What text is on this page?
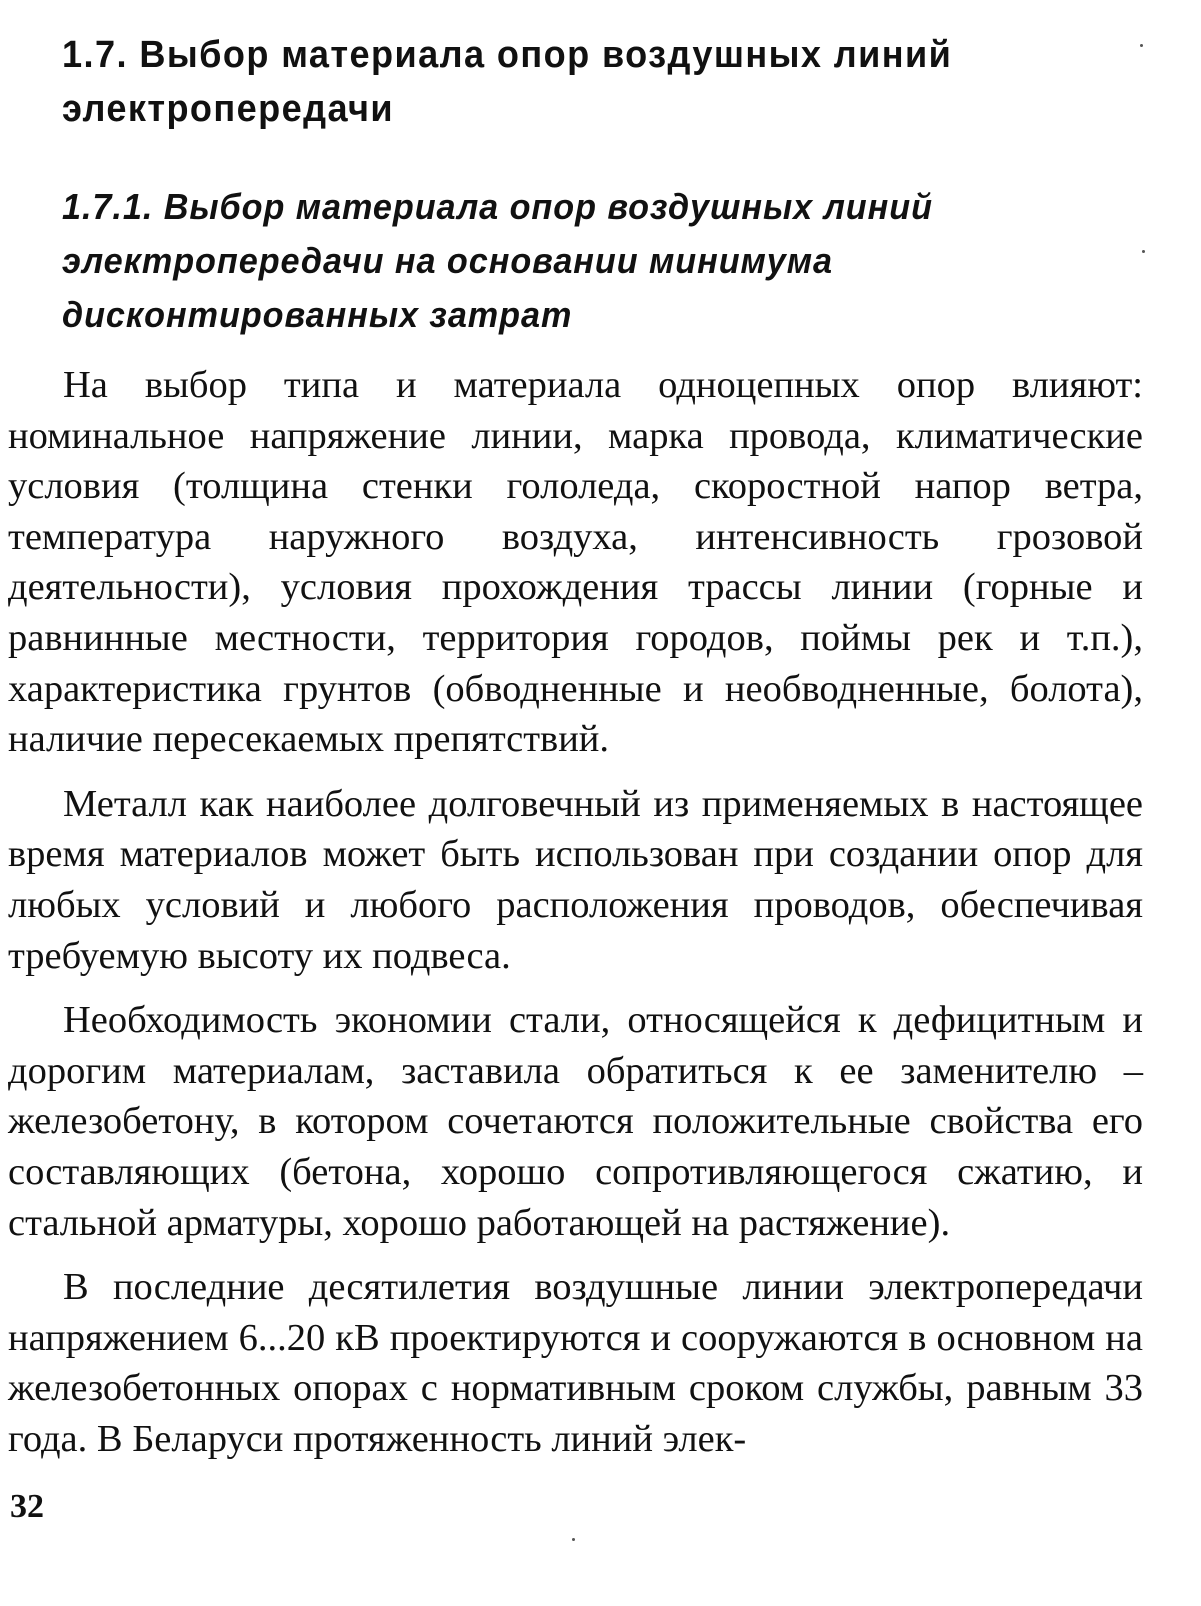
1.7. Выбор материала опор воздушных линий электропередачи
1.7.1. Выбор материала опор воздушных линий электропередачи на основании минимума дисконтированных затрат

На выбор типа и материала одноцепных опор влияют: номинальное напряжение линии, марка провода, климатические условия (толщина стенки гололеда, скоростной напор ветра, температура наружного воздуха, интенсивность грозовой деятельности), условия прохождения трассы линии (горные и равнинные местности, территория городов, поймы рек и т.п.), характеристика грунтов (обводненные и необводненные, болота), наличие пересекаемых препятствий.

Металл как наиболее долговечный из применяемых в настоящее время материалов может быть использован при создании опор для любых условий и любого расположения проводов, обеспечивая требуемую высоту их подвеса.

Необходимость экономии стали, относящейся к дефицитным и дорогим материалам, заставила обратиться к ее заменителю – железобетону, в котором сочетаются положительные свойства его составляющих (бетона, хорошо сопротивляющегося сжатию, и стальной арматуры, хорошо работающей на растяжение).

В последние десятилетия воздушные линии электропередачи напряжением 6...20 кВ проектируются и сооружаются в основном на железобетонных опорах с нормативным сроком службы, равным 33 года. В Беларуси протяженность линий элек-

32
